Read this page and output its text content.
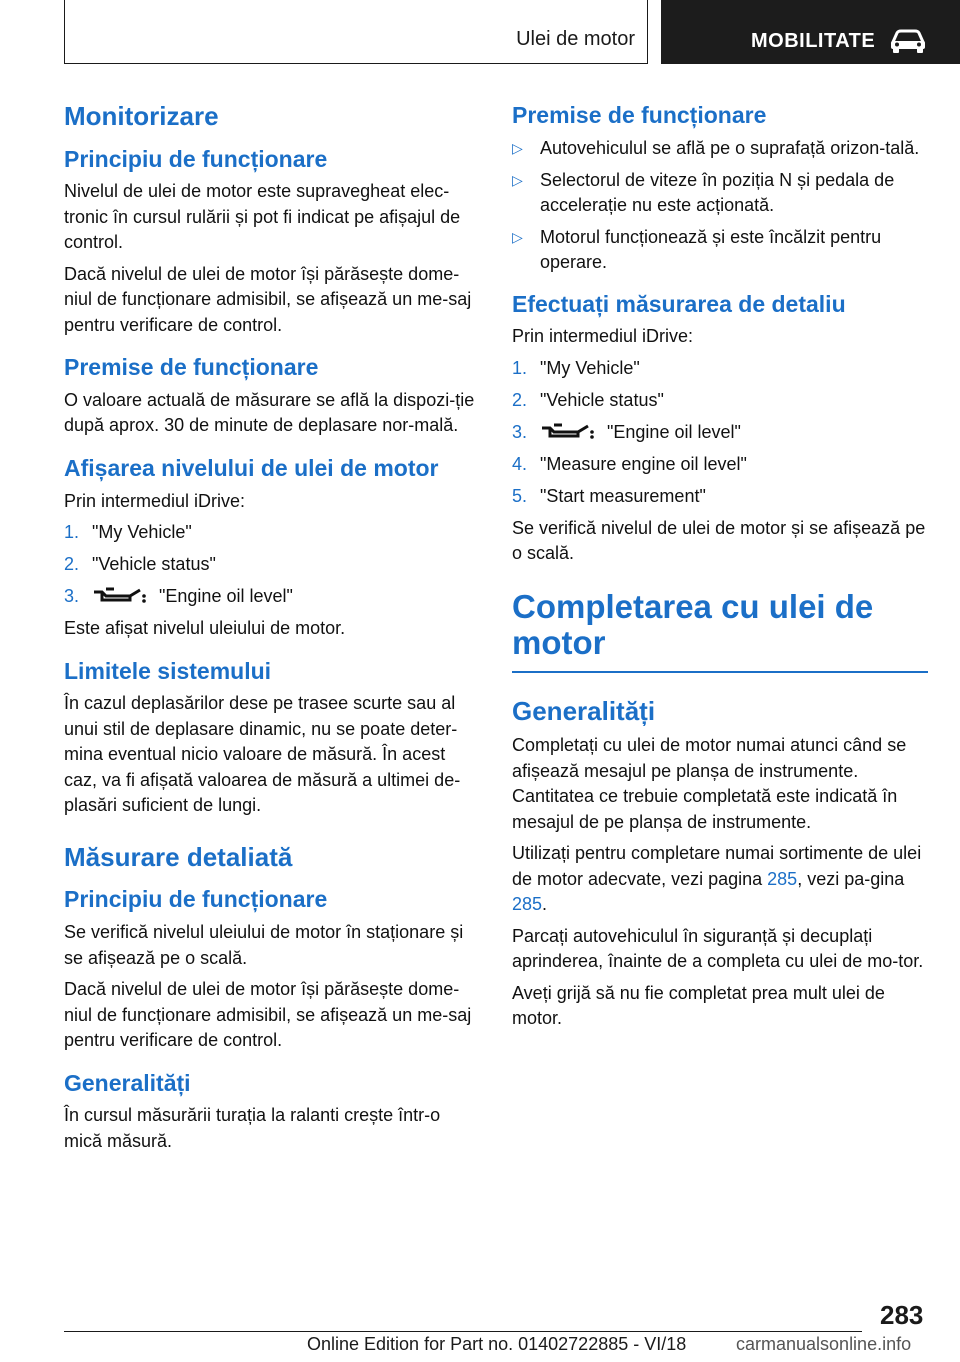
Ulei de motor	MOBILITATE
Monitorizare
Principiu de funcționare

Nivelul de ulei de motor este supravegheat elec‐tronic în cursul rulării și pot fi indicat pe afișajul de control.

Dacă nivelul de ulei de motor își părăsește dome‐niul de funcționare admisibil, se afișează un me‐saj pentru verificare de control.

Premise de funcționare

O valoare actuală de măsurare se află la dispozi‐ție după aprox. 30 de minute de deplasare nor‐mală.

Afișarea nivelului de ulei de motor

Prin intermediul iDrive:

1. "My Vehicle"
2. "Vehicle status"
3.	"Engine oil level"

Este afișat nivelul uleiului de motor.

Limitele sistemului

În cazul deplasărilor dese pe trasee scurte sau al unui stil de deplasare dinamic, nu se poate deter‐mina eventual nicio valoare de măsură. În acest caz, va fi afișată valoarea de măsură a ultimei de‐plasări suficient de lungi.

Măsurare detaliată
Principiu de funcționare

Se verifică nivelul uleiului de motor în staționare și se afișează pe o scală.

Dacă nivelul de ulei de motor își părăsește dome‐niul de funcționare admisibil, se afișează un me‐saj pentru verificare de control.

Generalități

În cursul măsurării turația la ralanti crește într-o mică măsură.

Premise de funcționare
▷ Autovehiculul se află pe o suprafață orizon‐tală.
▷ Selectorul de viteze în poziția N și pedala de accelerație nu este acționată.
▷ Motorul funcționează și este încălzit pentru operare.
Efectuați măsurarea de detaliu

Prin intermediul iDrive:

1. "My Vehicle"
2. "Vehicle status"
3.	"Engine oil level"
4. "Measure engine oil level"
5. "Start measurement"

Se verifică nivelul de ulei de motor și se afișează pe o scală.

Completarea cu ulei de motor
Generalități

Completați cu ulei de motor numai atunci când se afișează mesajul pe planșa de instrumente. Cantitatea ce trebuie completată este indicată în mesajul de pe planșa de instrumente.

Utilizați pentru completare numai sortimente de ulei de motor adecvate, vezi pagina 285, vezi pa‐gina 285.

Parcați autovehiculul în siguranță și decuplați aprinderea, înainte de a completa cu ulei de mo‐tor.

Aveți grijă să nu fie completat prea mult ulei de motor.

283
Online Edition for Part no. 01402722885 - VI/18	carmanualsonline.info
